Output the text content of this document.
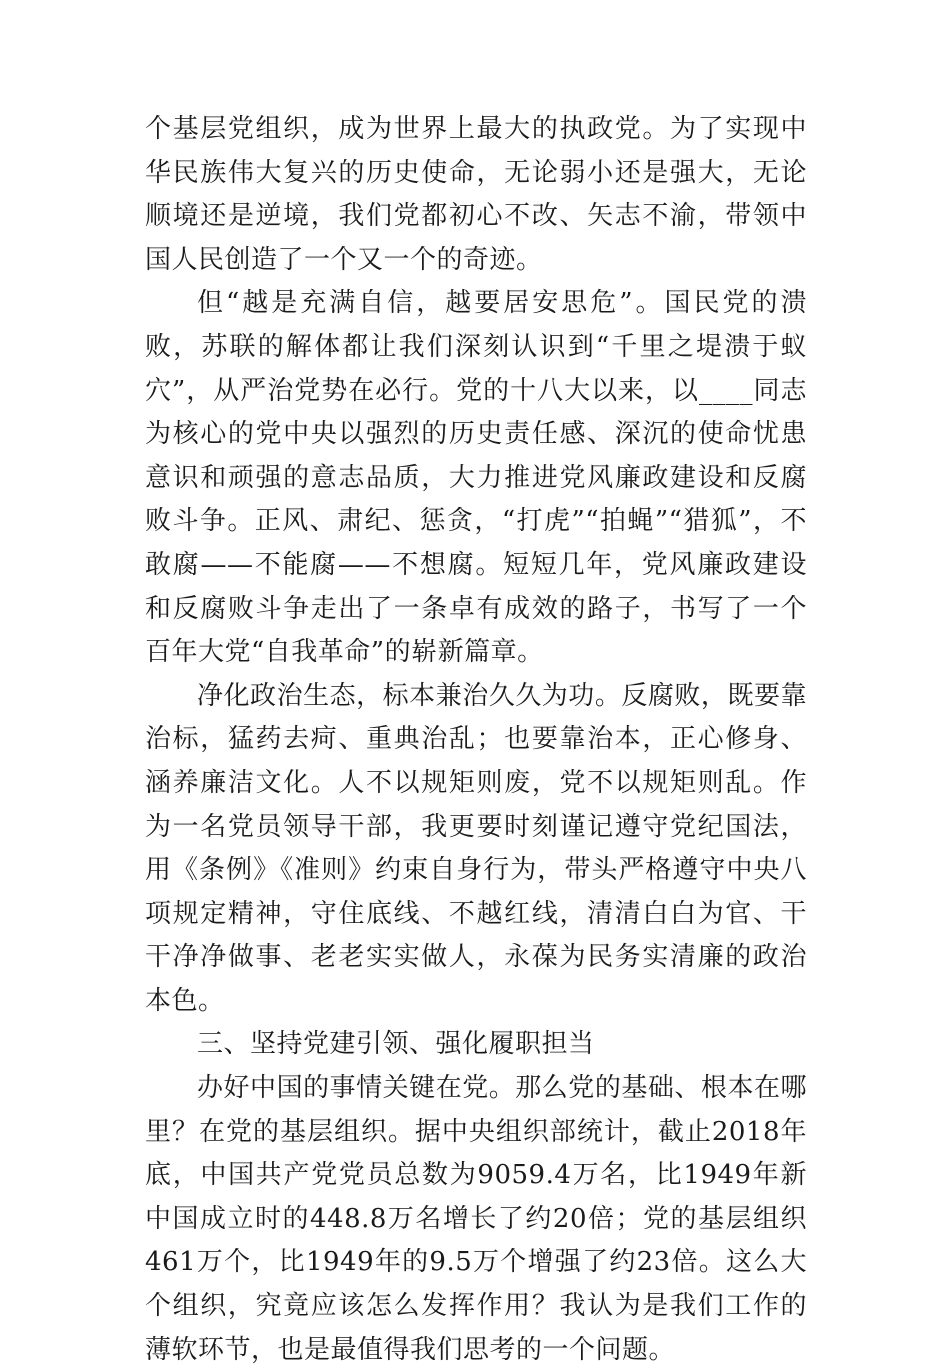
个基层党组织，成为世界上最大的执政党。为了实现中华民族伟大复兴的历史使命，无论弱小还是强大，无论顺境还是逆境，我们党都初心不改、矢志不渝，带领中国人民创造了一个又一个的奇迹。

但“越是充满自信，越要居安思危”。国民党的溃败，苏联的解体都让我们深刻认识到“千里之堤溃于蚁穴”，从严治党势在必行。党的十八大以来，以____同志为核心的党中央以强烈的历史责任感、深沉的使命忧患意识和顽强的意志品质，大力推进党风廉政建设和反腐败斗争。正风、肃纪、惩贪，“打虎”“拍蝇”“猎狐”，不敢腐——不能腐——不想腐。短短几年，党风廉政建设和反腐败斗争走出了一条卓有成效的路子，书写了一个百年大党“自我革命”的崭新篇章。

净化政治生态，标本兼治久久为功。反腐败，既要靠治标，猛药去疴、重典治乱；也要靠治本，正心修身、涵养廉洁文化。人不以规矩则废，党不以规矩则乱。作为一名党员领导干部，我更要时刻谨记遵守党纪国法，用《条例》《准则》约束自身行为，带头严格遵守中央八项规定精神，守住底线、不越红线，清清白白为官、干干净净做事、老老实实做人，永葆为民务实清廉的政治本色。

三、坚持党建引领、强化履职担当

办好中国的事情关键在党。那么党的基础、根本在哪里？在党的基层组织。据中央组织部统计，截止2018年底，中国共产党党员总数为9059.4万名，比1949年新中国成立时的448.8万名增长了约20倍；党的基层组织461万个，比1949年的9.5万个增强了约23倍。这么大个组织，究竟应该怎么发挥作用？我认为是我们工作的薄软环节，也是最值得我们思考的一个问题。
